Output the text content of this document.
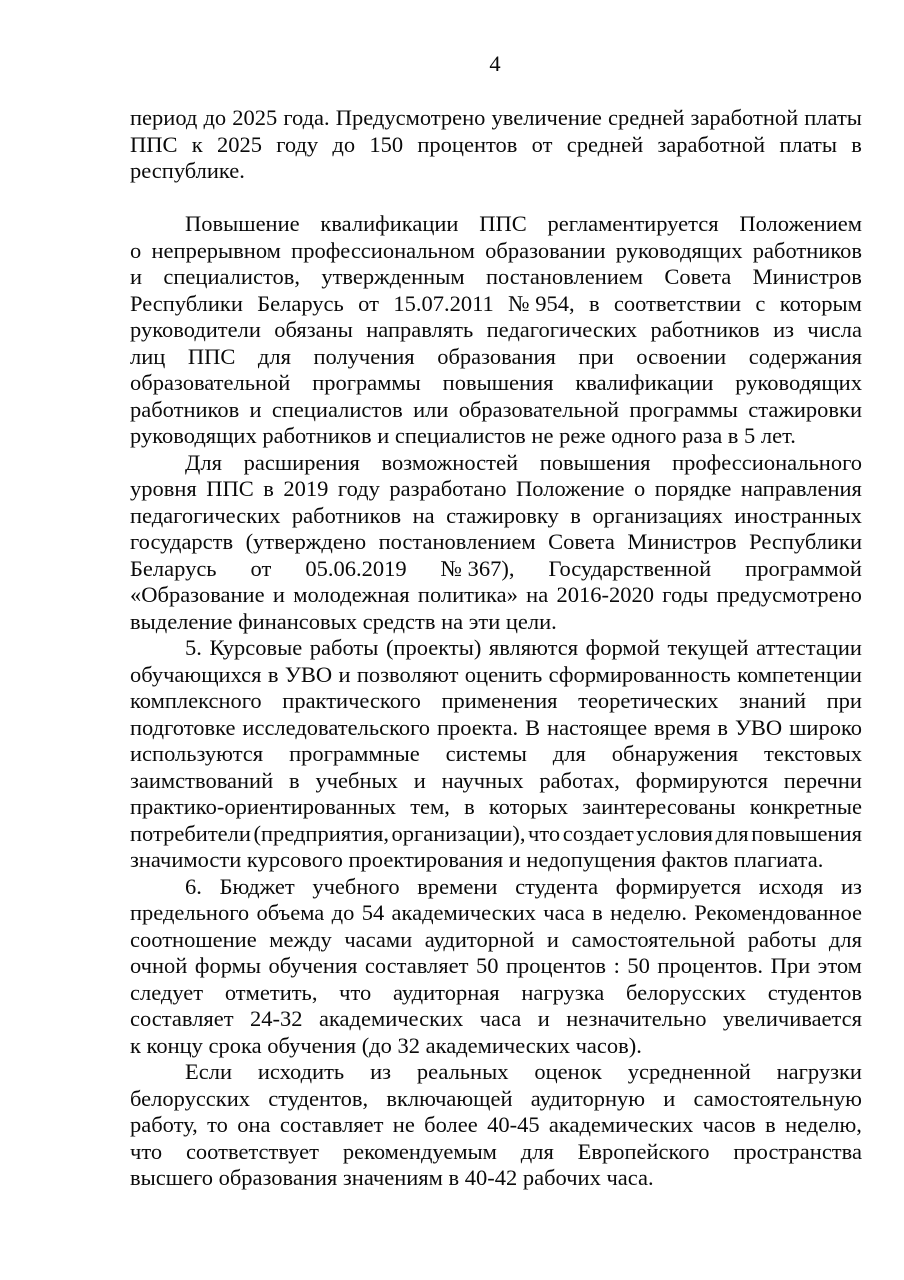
4
период до 2025 года. Предусмотрено увеличение средней заработной платы
ППС к 2025 году до 150 процентов от средней заработной платы в
республике.
Повышение квалификации ППС регламентируется Положением
о непрерывном профессиональном образовании руководящих работников
и специалистов, утвержденным постановлением Совета Министров
Республики Беларусь от 15.07.2011 № 954, в соответствии с которым
руководители обязаны направлять педагогических работников из числа
лиц ППС для получения образования при освоении содержания
образовательной программы повышения квалификации руководящих
работников и специалистов или образовательной программы стажировки
руководящих работников и специалистов не реже одного раза в 5 лет.
Для расширения возможностей повышения профессионального
уровня ППС в 2019 году разработано Положение о порядке направления
педагогических работников на стажировку в организациях иностранных
государств (утверждено постановлением Совета Министров Республики
Беларусь от 05.06.2019 № 367), Государственной программой
«Образование и молодежная политика» на 2016-2020 годы предусмотрено
выделение финансовых средств на эти цели.
5. Курсовые работы (проекты) являются формой текущей аттестации
обучающихся в УВО и позволяют оценить сформированность компетенции
комплексного практического применения теоретических знаний при
подготовке исследовательского проекта. В настоящее время в УВО широко
используются программные системы для обнаружения текстовых
заимствований в учебных и научных работах, формируются перечни
практико-ориентированных тем, в которых заинтересованы конкретные
потребители (предприятия, организации), что создает условия для повышения
значимости курсового проектирования и недопущения фактов плагиата.
6. Бюджет учебного времени студента формируется исходя из
предельного объема до 54 академических часа в неделю. Рекомендованное
соотношение между часами аудиторной и самостоятельной работы для
очной формы обучения составляет 50 процентов : 50 процентов. При этом
следует отметить, что аудиторная нагрузка белорусских студентов
составляет 24-32 академических часа и незначительно увеличивается
к концу срока обучения (до 32 академических часов).
Если исходить из реальных оценок усредненной нагрузки
белорусских студентов, включающей аудиторную и самостоятельную
работу, то она составляет не более 40-45 академических часов в неделю,
что соответствует рекомендуемым для Европейского пространства
высшего образования значениям в 40-42 рабочих часа.
